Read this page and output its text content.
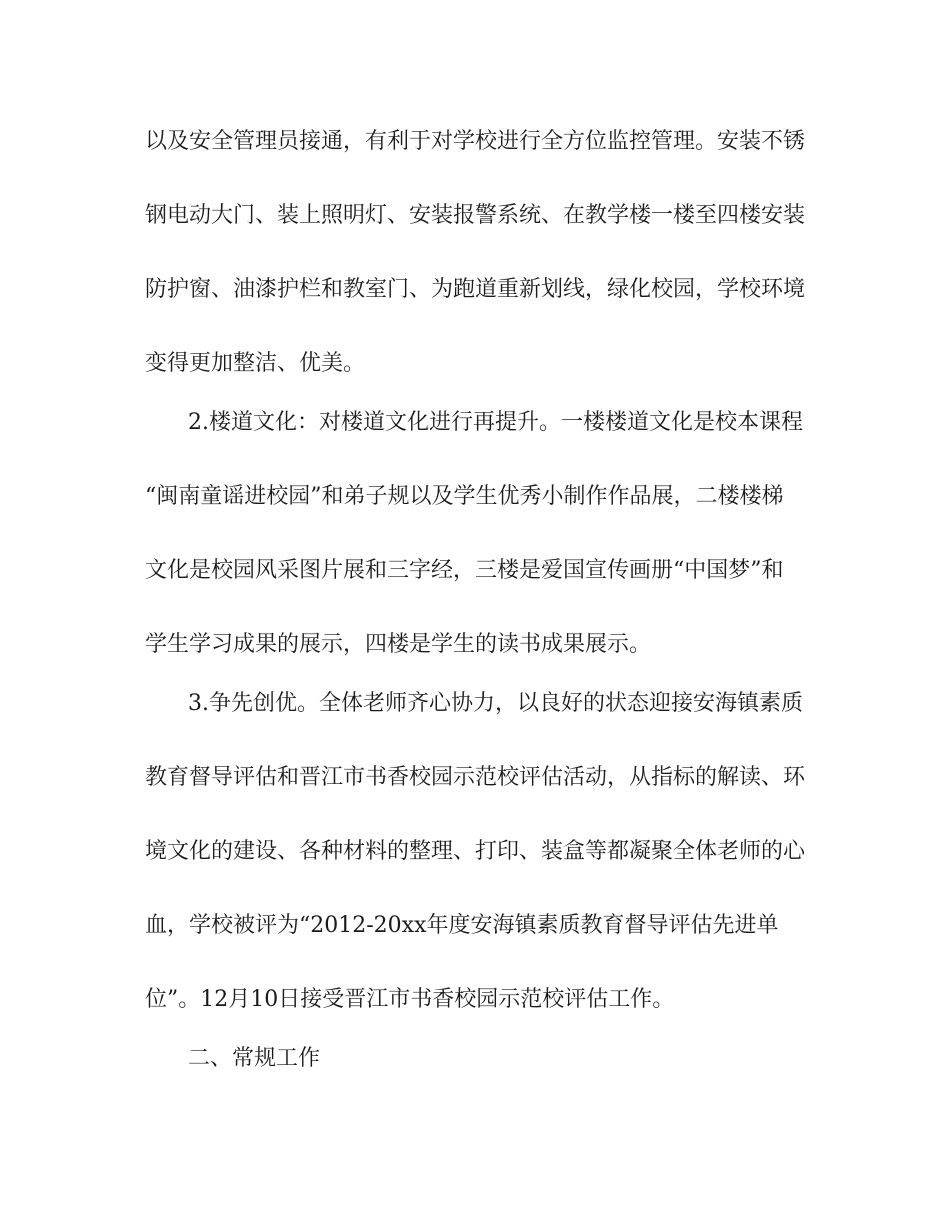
以及安全管理员接通，有利于对学校进行全方位监控管理。安装不锈
钢电动大门、装上照明灯、安装报警系统、在教学楼一楼至四楼安装
防护窗、油漆护栏和教室门、为跑道重新划线，绿化校园，学校环境
变得更加整洁、优美。
2.楼道文化：对楼道文化进行再提升。一楼楼道文化是校本课程
“闽南童谣进校园”和弟子规以及学生优秀小制作作品展，二楼楼梯
文化是校园风采图片展和三字经，三楼是爱国宣传画册“中国梦”和
学生学习成果的展示，四楼是学生的读书成果展示。
3.争先创优。全体老师齐心协力，以良好的状态迎接安海镇素质
教育督导评估和晋江市书香校园示范校评估活动，从指标的解读、环
境文化的建设、各种材料的整理、打印、装盒等都凝聚全体老师的心
血，学校被评为“2012-20xx年度安海镇素质教育督导评估先进单
位”。12月10日接受晋江市书香校园示范校评估工作。
二、常规工作
